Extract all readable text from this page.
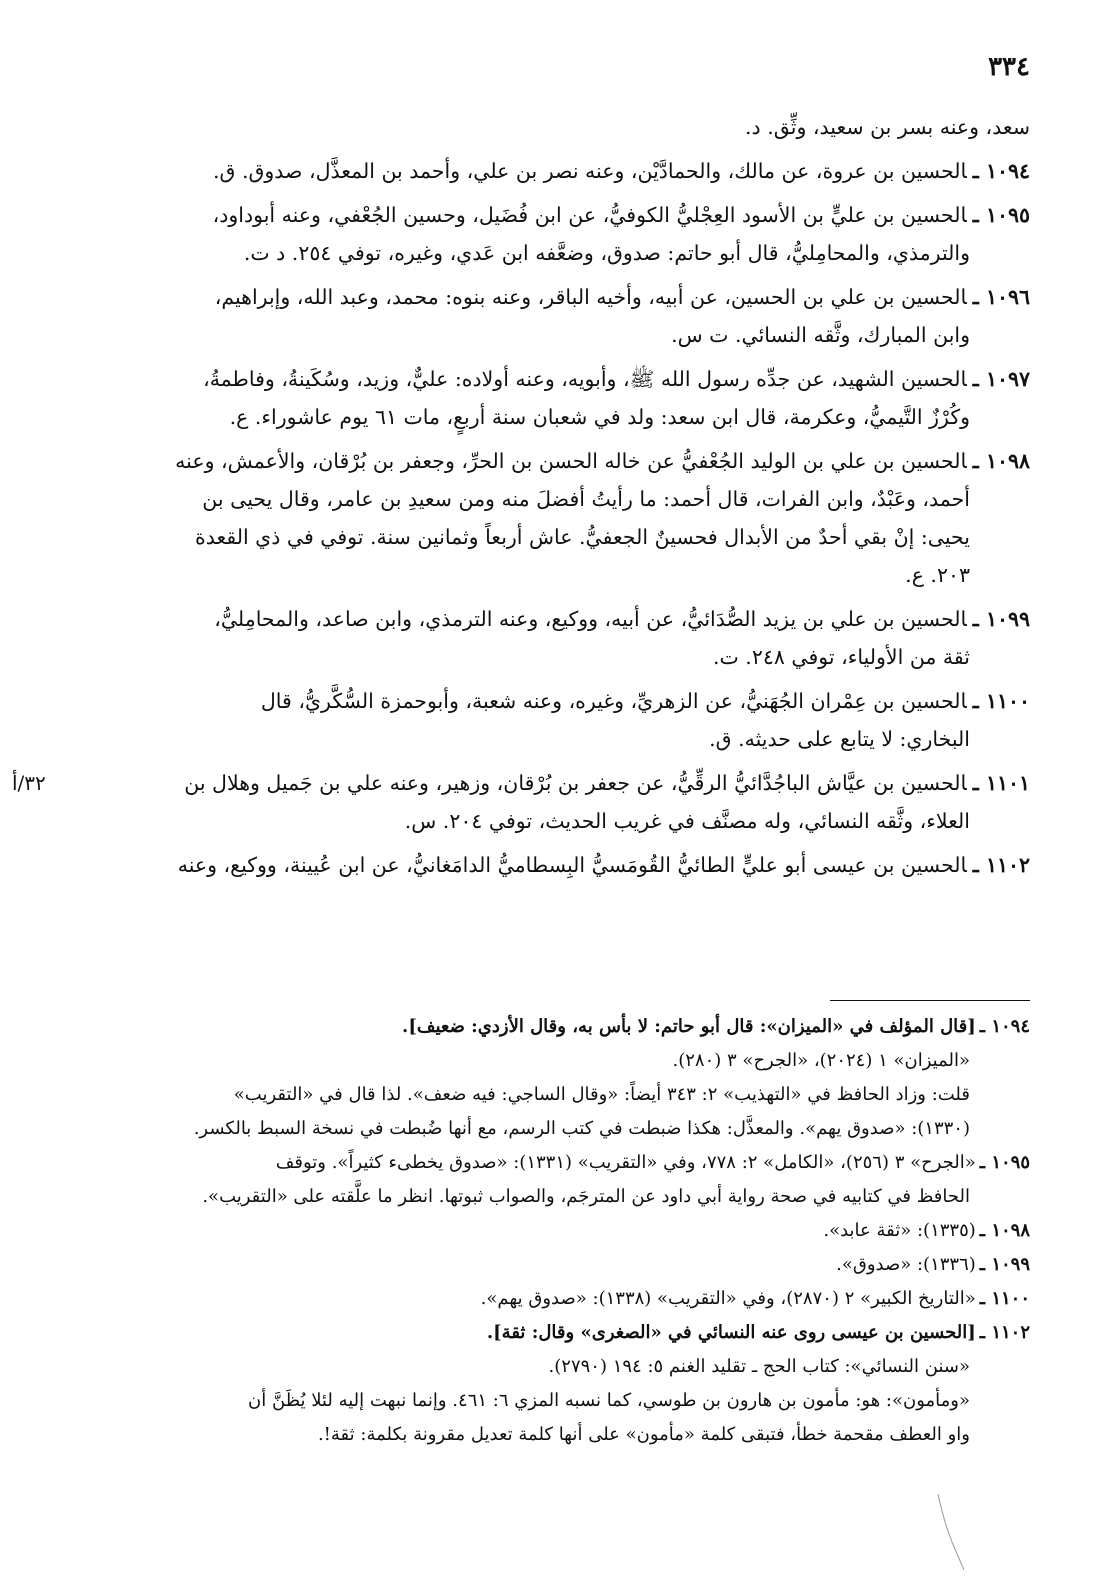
٣٣٤
سعد، وعنه بسر بن سعيد، وثِّق. د.
١٠٩٤ ـالحسين بن عروة، عن مالك، والحمادَّيْن، وعنه نصر بن علي، وأحمد بن المعذَّل، صدوق. ق.
١٠٩٥ ـالحسين بن عليٍّ بن الأسود العِجْليُّ الكوفيُّ، عن ابن فُضَيل، وحسين الجُعْفي، وعنه أبوداود،
والترمذي، والمحامِليُّ، قال أبو حاتم: صدوق، وضعَّفه ابن عَدي، وغيره، توفي ٢٥٤. د ت.
١٠٩٦ ـالحسين بن علي بن الحسين، عن أبيه، وأخيه الباقر، وعنه بنوه: محمد، وعبد الله، وإبراهيم،
وابن المبارك، وثَّقه النسائي. ت س.
١٠٩٧ ـالحسين الشهيد، عن جدِّه رسول الله ﷺ، وأبويه، وعنه أولاده: عليٌّ، وزيد، وسُكَينةُ، وفاطمةُ،
وكُرْزٌ التَّيميُّ، وعكرمة، قال ابن سعد: ولد في شعبان سنة أربعٍ، مات ٦١ يوم عاشوراء. ع.
١٠٩٨ ـالحسين بن علي بن الوليد الجُعْفيُّ عن خاله الحسن بن الحرِّ، وجعفر بن بُرْقان، والأعمش، وعنه
أحمد، وعَبْدٌ، وابن الفرات، قال أحمد: ما رأيتُ أفضلَ منه ومن سعيدِ بن عامر، وقال يحيى بن
يحيى: إنْ بقي أحدٌ من الأبدال فحسينٌ الجعفيُّ. عاش أربعاً وثمانين سنة. توفي في ذي القعدة
٢٠٣. ع.
١٠٩٩ ـالحسين بن علي بن يزيد الصُّدَائيُّ، عن أبيه، ووكيع، وعنه الترمذي، وابن صاعد، والمحامِليُّ،
ثقة من الأولياء، توفي ٢٤٨. ت.
١١٠٠ ـالحسين بن عِمْران الجُهَنيُّ، عن الزهريِّ، وغيره، وعنه شعبة، وأبوحمزة السُّكَّريُّ، قال
البخاري: لا يتابع على حديثه. ق.
٣٢/أ	١١٠١ ـالحسين بن عيَّاش الباجُدَّائيُّ الرقِّيُّ، عن جعفر بن بُرْقان، وزهير، وعنه علي بن جَميل وهلال بن
العلاء، وثَّقه النسائي، وله مصنَّف في غريب الحديث، توفي ٢٠٤. س.
١١٠٢ ـالحسين بن عيسى أبو عليٍّ الطائيُّ القُومَسيُّ البِسطاميُّ الدامَغانيُّ، عن ابن عُيينة، ووكيع، وعنه
١٠٩٤ ـ[قال المؤلف في «الميزان»: قال أبو حاتم: لا بأس به، وقال الأزدي: ضعيف].
«الميزان» ١ (٢٠٢٤)، «الجرح» ٣ (٢٨٠).
قلت: وزاد الحافظ في «التهذيب» ٢: ٣٤٣ أيضاً: «وقال الساجي: فيه ضعف». لذا قال في «التقريب»
(١٣٣٠): «صدوق يهم». والمعذَّل: هكذا ضبطت في كتب الرسم، مع أنها ضُبطت في نسخة السبط بالكسر.
١٠٩٥ ـ«الجرح» ٣ (٢٥٦)، «الكامل» ٢: ٧٧٨، وفي «التقريب» (١٣٣١): «صدوق يخطىء كثيراً». وتوقف
الحافظ في كتابيه في صحة رواية أبي داود عن المترجَم، والصواب ثبوتها. انظر ما علَّقته على «التقريب».
١٠٩٨ ـ(١٣٣٥): «ثقة عابد».
١٠٩٩ ـ(١٣٣٦): «صدوق».
١١٠٠ ـ«التاريخ الكبير» ٢ (٢٨٧٠)، وفي «التقريب» (١٣٣٨): «صدوق يهم».
١١٠٢ ـ[الحسين بن عيسى روى عنه النسائي في «الصغرى» وقال: ثقة].
«سنن النسائي»: كتاب الحج ـ تقليد الغنم ٥: ١٩٤ (٢٧٩٠).
«ومأمون»: هو: مأمون بن هارون بن طوسي، كما نسبه المزي ٦: ٤٦١. وإنما نبهت إليه لئلا يُظَنَّ أن
واو العطف مقحمة خطأ، فتبقى كلمة «مأمون» على أنها كلمة تعديل مقرونة بكلمة: ثقة!.
